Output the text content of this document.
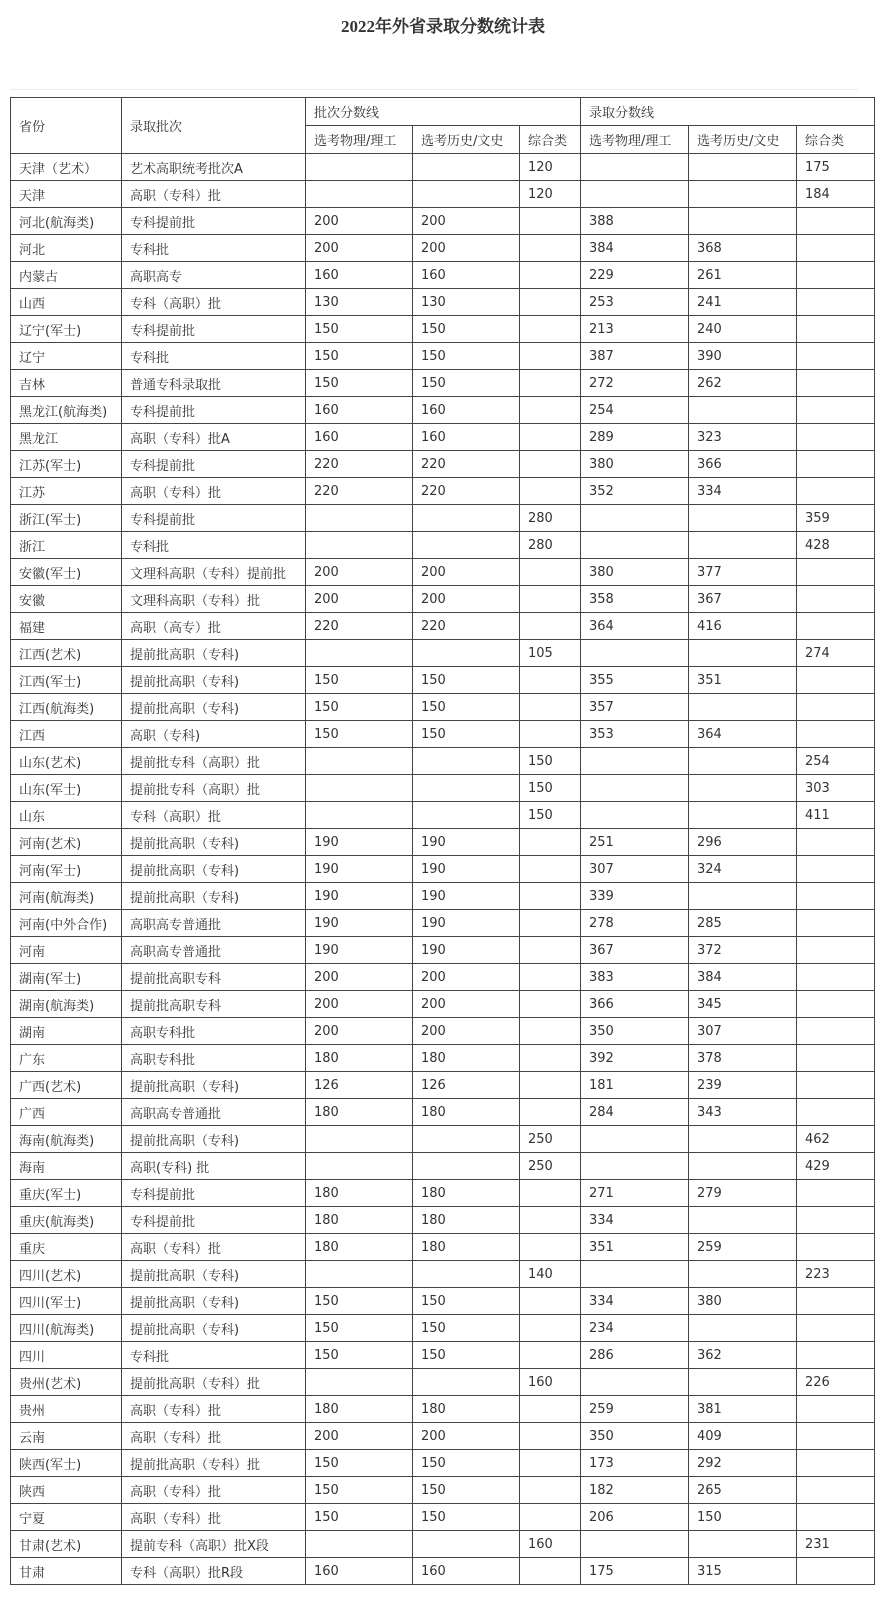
2022年外省录取分数统计表
省份	录取批次	批次分数线			录取分数线		
		选考物理/理工	选考历史/文史	综合类	选考物理/理工	选考历史/文史	综合类
天津（艺术）	艺术高职统考批次A			120			175
天津	高职（专科）批			120			184
河北(航海类)	专科提前批	200	200		388		
河北	专科批	200	200		384	368	
内蒙古	高职高专	160	160		229	261	
山西	专科（高职）批	130	130		253	241	
辽宁(军士)	专科提前批	150	150		213	240	
辽宁	专科批	150	150		387	390	
吉林	普通专科录取批	150	150		272	262	
黑龙江(航海类)	专科提前批	160	160		254		
黑龙江	高职（专科）批A	160	160		289	323	
江苏(军士)	专科提前批	220	220		380	366	
江苏	高职（专科）批	220	220		352	334	
浙江(军士)	专科提前批			280			359
浙江	专科批			280			428
安徽(军士)	文理科高职（专科）提前批	200	200		380	377	
安徽	文理科高职（专科）批	200	200		358	367	
福建	高职（高专）批	220	220		364	416	
江西(艺术)	提前批高职（专科)			105			274
江西(军士)	提前批高职（专科)	150	150		355	351	
江西(航海类)	提前批高职（专科)	150	150		357		
江西	高职（专科)	150	150		353	364	
山东(艺术)	提前批专科（高职）批			150			254
山东(军士)	提前批专科（高职）批			150			303
山东	专科（高职）批			150			411
河南(艺术)	提前批高职（专科)	190	190		251	296	
河南(军士)	提前批高职（专科)	190	190		307	324	
河南(航海类)	提前批高职（专科)	190	190		339		
河南(中外合作)	高职高专普通批	190	190		278	285	
河南	高职高专普通批	190	190		367	372	
湖南(军士)	提前批高职专科	200	200		383	384	
湖南(航海类)	提前批高职专科	200	200		366	345	
湖南	高职专科批	200	200		350	307	
广东	高职专科批	180	180		392	378	
广西(艺术)	提前批高职（专科)	126	126		181	239	
广西	高职高专普通批	180	180		284	343	
海南(航海类)	提前批高职（专科)			250			462
海南	高职(专科) 批			250			429
重庆(军士)	专科提前批	180	180		271	279	
重庆(航海类)	专科提前批	180	180		334		
重庆	高职（专科）批	180	180		351	259	
四川(艺术)	提前批高职（专科)			140			223
四川(军士)	提前批高职（专科)	150	150		334	380	
四川(航海类)	提前批高职（专科)	150	150		234		
四川	专科批	150	150		286	362	
贵州(艺术)	提前批高职（专科）批			160			226
贵州	高职（专科）批	180	180		259	381	
云南	高职（专科）批	200	200		350	409	
陕西(军士)	提前批高职（专科）批	150	150		173	292	
陕西	高职（专科）批	150	150		182	265	
宁夏	高职（专科）批	150	150		206	150	
甘肃(艺术)	提前专科（高职）批X段			160			231
甘肃	专科（高职）批R段	160	160		175	315	
